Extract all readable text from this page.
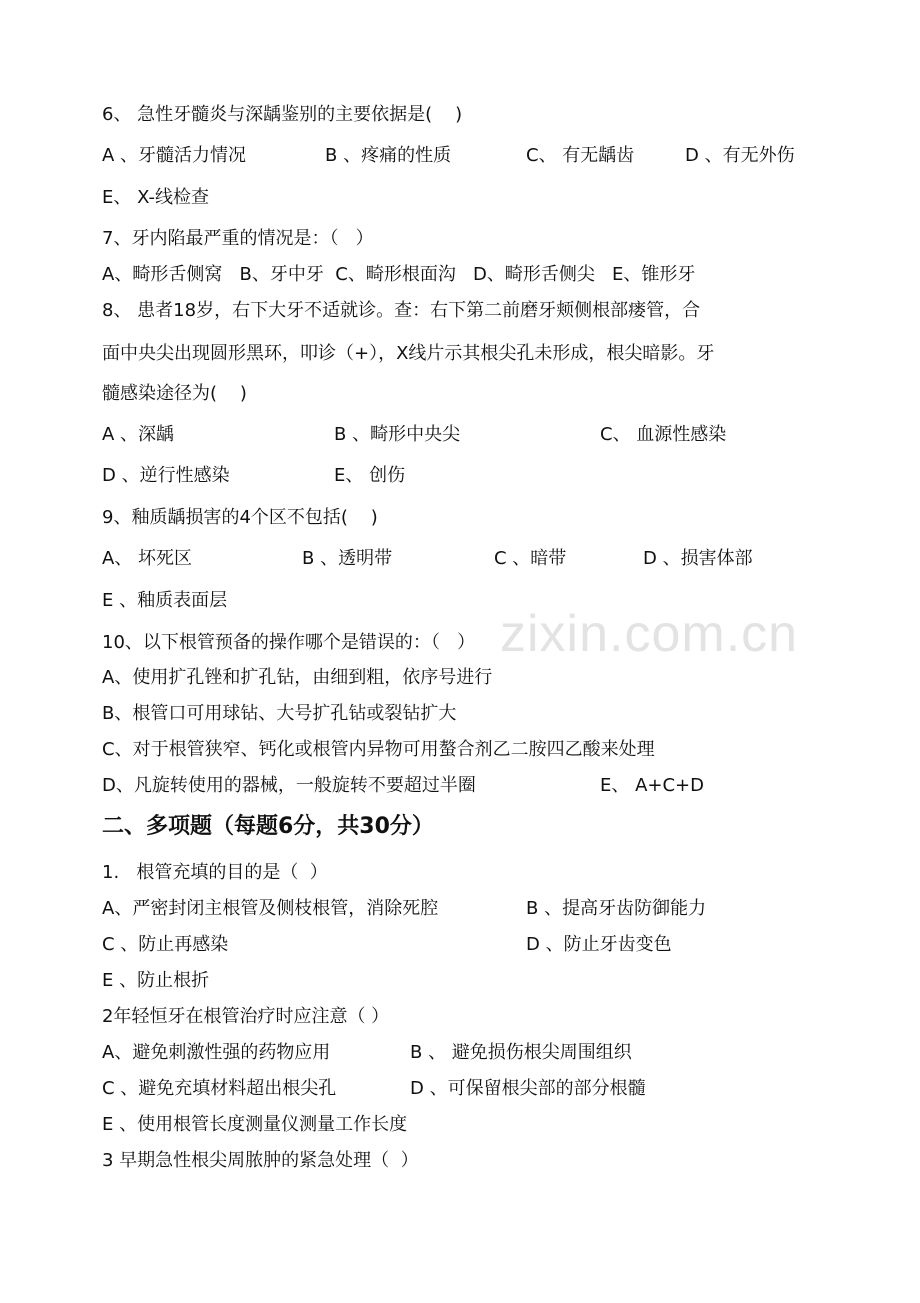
zixin.com.cn
6、 急性牙髓炎与深龋鉴别的主要依据是(    )
A 、牙髓活力情况	B 、疼痛的性质	C、 有无龋齿	D 、有无外伤
E、 X-线检查
7、牙内陷最严重的情况是：（   ）
A、畸形舌侧窝   B、牙中牙  C、畸形根面沟   D、畸形舌侧尖   E、锥形牙
8、 患者18岁，右下大牙不适就诊。查：右下第二前磨牙颊侧根部瘘管，合
面中央尖出现圆形黑环，叩诊（+），X线片示其根尖孔未形成，根尖暗影。牙
髓感染途径为(    )
A 、深龋	B 、畸形中央尖	C、 血源性感染
D 、逆行性感染	E、 创伤
9、釉质龋损害的4个区不包括(    )
A、 坏死区	B 、透明带	C 、暗带	D 、损害体部
E 、釉质表面层
10、以下根管预备的操作哪个是错误的：（   ）
A、使用扩孔锉和扩孔钻，由细到粗，依序号进行
B、根管口可用球钻、大号扩孔钻或裂钻扩大
C、对于根管狭窄、钙化或根管内异物可用螯合剂乙二胺四乙酸来处理
D、凡旋转使用的器械，一般旋转不要超过半圈	E、 A+C+D
二、多项题（每题6分，共30分）
1.   根管充填的目的是（  ）
A、严密封闭主根管及侧枝根管，消除死腔	B 、提高牙齿防御能力
C 、防止再感染	D 、防止牙齿变色
E 、防止根折
2年轻恒牙在根管治疗时应注意（ ）
A、避免刺激性强的药物应用	B 、 避免损伤根尖周围组织
C 、避免充填材料超出根尖孔	D 、可保留根尖部的部分根髓
E 、使用根管长度测量仪测量工作长度
3 早期急性根尖周脓肿的紧急处理（  ）
